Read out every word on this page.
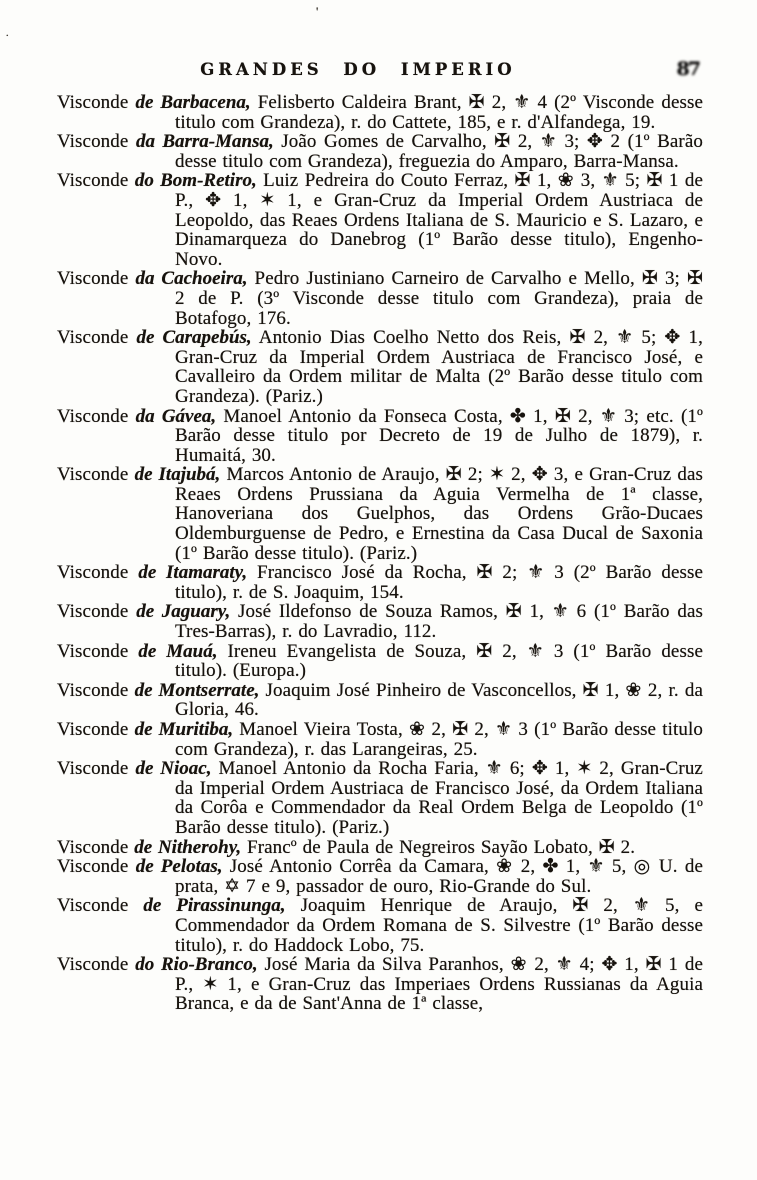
'
.
GRANDES DO IMPERIO	87

Visconde de Barbacena, Felisberto Caldeira Brant, ✠ 2, ⚜ 4 (2º Visconde desse titulo com Grandeza), r. do Cattete, 185, e r. d'Alfandega, 19.

Visconde da Barra-Mansa, João Gomes de Carvalho, ✠ 2, ⚜ 3; ✥ 2 (1º Barão desse titulo com Grandeza), freguezia do Amparo, Barra-Mansa.

Visconde do Bom-Retiro, Luiz Pedreira do Couto Ferraz, ✠ 1, ❀ 3, ⚜ 5; ✠ 1 de P., ✥ 1, ✶ 1, e Gran-Cruz da Imperial Ordem Austriaca de Leopoldo, das Reaes Ordens Italiana de S. Mauricio e S. Lazaro, e Dinamarqueza do Danebrog (1º Barão desse titulo), Engenho-Novo.

Visconde da Cachoeira, Pedro Justiniano Carneiro de Carvalho e Mello, ✠ 3; ✠ 2 de P. (3º Visconde desse titulo com Grandeza), praia de Botafogo, 176.

Visconde de Carapebús, Antonio Dias Coelho Netto dos Reis, ✠ 2, ⚜ 5; ✥ 1, Gran-Cruz da Imperial Ordem Austriaca de Francisco José, e Cavalleiro da Ordem militar de Malta (2º Barão desse titulo com Grandeza). (Pariz.)

Visconde da Gávea, Manoel Antonio da Fonseca Costa, ✤ 1, ✠ 2, ⚜ 3; etc. (1º Barão desse titulo por Decreto de 19 de Julho de 1879), r. Humaitá, 30.

Visconde de Itajubá, Marcos Antonio de Araujo, ✠ 2; ✶ 2, ✥ 3, e Gran-Cruz das Reaes Ordens Prussiana da Aguia Vermelha de 1ª classe, Hanoveriana dos Guelphos, das Ordens Grão-Ducaes Oldemburguense de Pedro, e Ernestina da Casa Ducal de Saxonia (1º Barão desse titulo). (Pariz.)

Visconde de Itamaraty, Francisco José da Rocha, ✠ 2; ⚜ 3 (2º Barão desse titulo), r. de S. Joaquim, 154.

Visconde de Jaguary, José Ildefonso de Souza Ramos, ✠ 1, ⚜ 6 (1º Barão das Tres-Barras), r. do Lavradio, 112.

Visconde de Mauá, Ireneu Evangelista de Souza, ✠ 2, ⚜ 3 (1º Barão desse titulo). (Europa.)

Visconde de Montserrate, Joaquim José Pinheiro de Vasconcellos, ✠ 1, ❀ 2, r. da Gloria, 46.

Visconde de Muritiba, Manoel Vieira Tosta, ❀ 2, ✠ 2, ⚜ 3 (1º Barão desse titulo com Grandeza), r. das Larangeiras, 25.

Visconde de Nioac, Manoel Antonio da Rocha Faria, ⚜ 6; ✥ 1, ✶ 2, Gran-Cruz da Imperial Ordem Austriaca de Francisco José, da Ordem Italiana da Corôa e Commendador da Real Ordem Belga de Leopoldo (1º Barão desse titulo). (Pariz.)

Visconde de Nitherohy, Francº de Paula de Negreiros Sayão Lobato, ✠ 2.

Visconde de Pelotas, José Antonio Corrêa da Camara, ❀ 2, ✤ 1, ⚜ 5, ◎ U. de prata, ✡ 7 e 9, passador de ouro, Rio-Grande do Sul.

Visconde de Pirassinunga, Joaquim Henrique de Araujo, ✠ 2, ⚜ 5, e Commendador da Ordem Romana de S. Silvestre (1º Barão desse titulo), r. do Haddock Lobo, 75.

Visconde do Rio-Branco, José Maria da Silva Paranhos, ❀ 2, ⚜ 4; ✥ 1, ✠ 1 de P., ✶ 1, e Gran-Cruz das Imperiaes Ordens Russianas da Aguia Branca, e da de Sant'Anna de 1ª classe,
